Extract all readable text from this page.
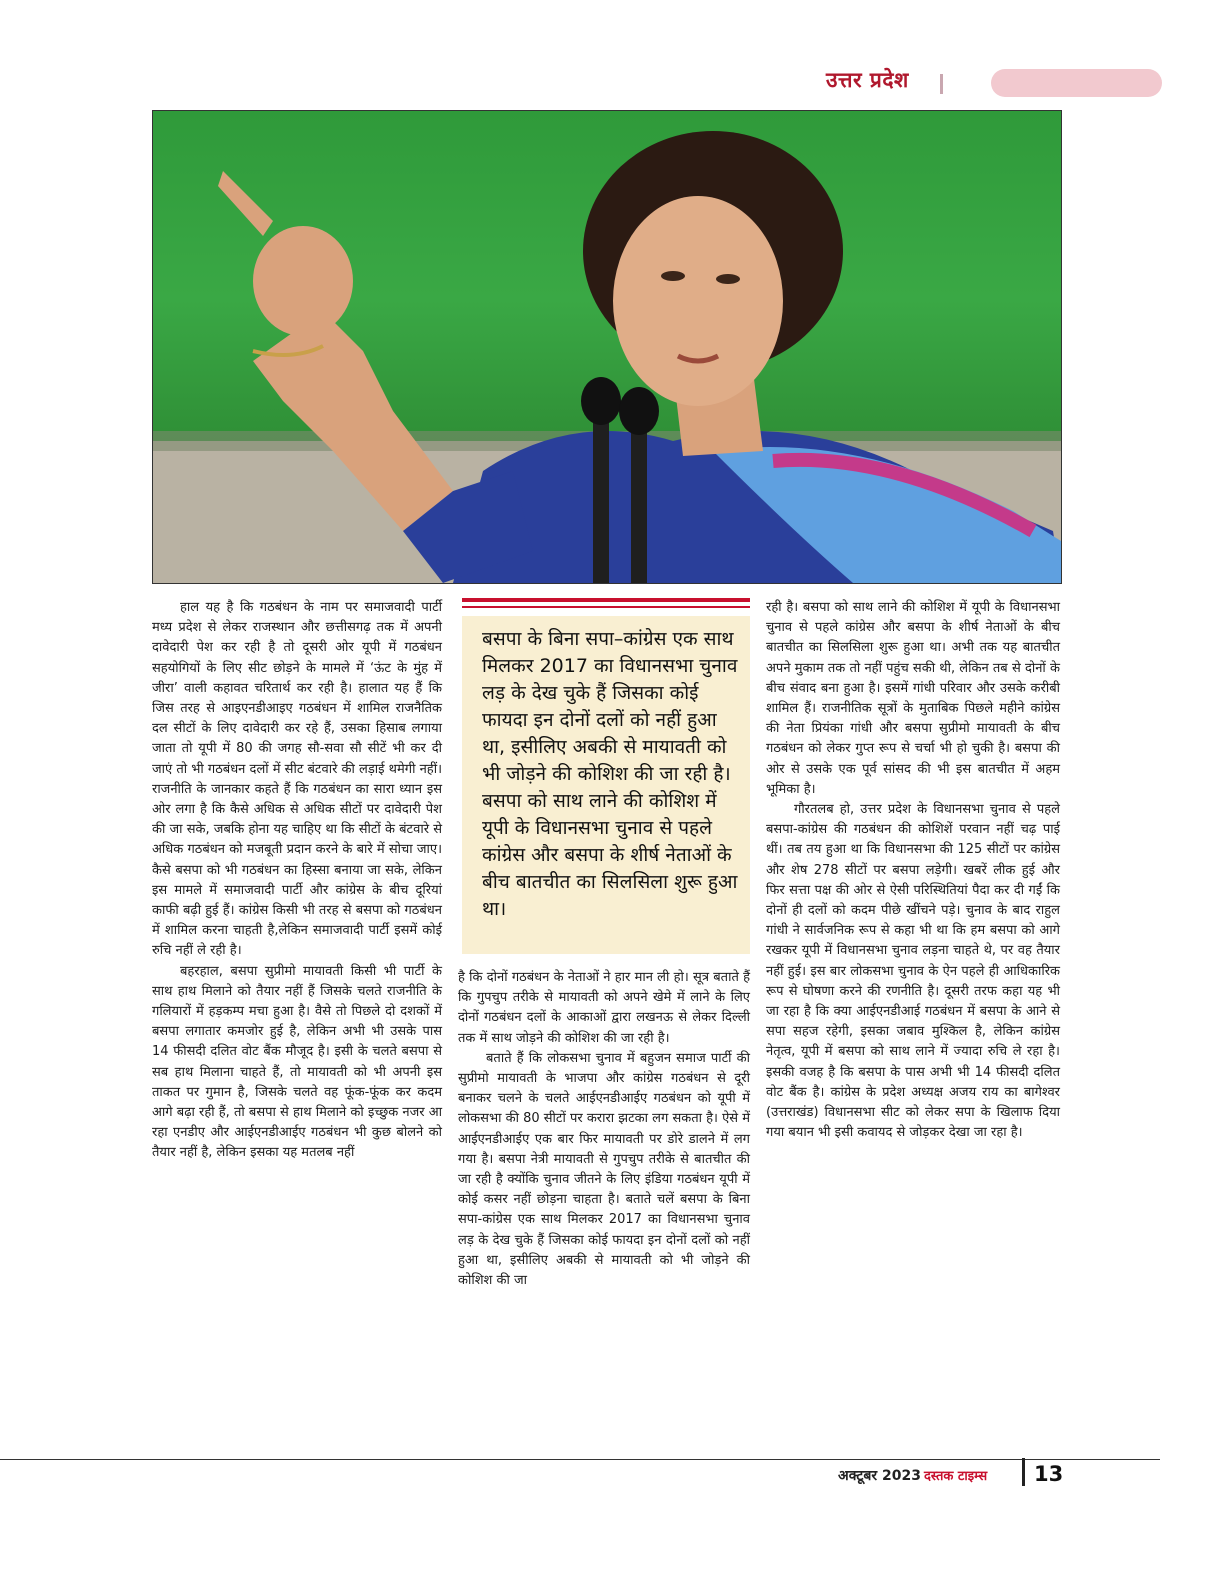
उत्तर प्रदेश

हाल यह है कि गठबंधन के नाम पर समाजवादी पार्टी मध्य प्रदेश से लेकर राजस्थान और छत्तीसगढ़ तक में अपनी दावेदारी पेश कर रही है तो दूसरी ओर यूपी में गठबंधन सहयोगियों के लिए सीट छोड़ने के मामले में ‘ऊंट के मुंह में जीरा’ वाली कहावत चरितार्थ कर रही है। हालात यह हैं कि जिस तरह से आइएनडीआइए गठबंधन में शामिल राजनैतिक दल सीटों के लिए दावेदारी कर रहे हैं, उसका हिसाब लगाया जाता तो यूपी में 80 की जगह सौ-सवा सौ सीटें भी कर दी जाएं तो भी गठबंधन दलों में सीट बंटवारे की लड़ाई थमेगी नहीं। राजनीति के जानकार कहते हैं कि गठबंधन का सारा ध्यान इस ओर लगा है कि कैसे अधिक से अधिक सीटों पर दावेदारी पेश की जा सके, जबकि होना यह चाहिए था कि सीटों के बंटवारे से अधिक गठबंधन को मजबूती प्रदान करने के बारे में सोचा जाए। कैसे बसपा को भी गठबंधन का हिस्सा बनाया जा सके, लेकिन इस मामले में समाजवादी पार्टी और कांग्रेस के बीच दूरियां काफी बढ़ी हुई हैं। कांग्रेस किसी भी तरह से बसपा को गठबंधन में शामिल करना चाहती है,लेकिन समाजवादी पार्टी इसमें कोई रुचि नहीं ले रही है।

बहरहाल, बसपा सुप्रीमो मायावती किसी भी पार्टी के साथ हाथ मिलाने को तैयार नहीं हैं जिसके चलते राजनीति के गलियारों में हड़कम्प मचा हुआ है। वैसे तो पिछले दो दशकों में बसपा लगातार कमजोर हुई है, लेकिन अभी भी उसके पास 14 फीसदी दलित वोट बैंक मौजूद है। इसी के चलते बसपा से सब हाथ मिलाना चाहते हैं, तो मायावती को भी अपनी इस ताकत पर गुमान है, जिसके चलते वह फूंक-फूंक कर कदम आगे बढ़ा रही हैं, तो बसपा से हाथ मिलाने को इच्छुक नजर आ रहा एनडीए और आईएनडीआईए गठबंधन भी कुछ बोलने को तैयार नहीं है, लेकिन इसका यह मतलब नहीं

बसपा के बिना सपा–कांग्रेस एक साथ मिलकर 2017 का विधानसभा चुनाव लड़ के देख चुके हैं जिसका कोई फायदा इन दोनों दलों को नहीं हुआ था, इसीलिए अबकी से मायावती को भी जोड़ने की कोशिश की जा रही है। बसपा को साथ लाने की कोशिश में यूपी के विधानसभा चुनाव से पहले कांग्रेस और बसपा के शीर्ष नेताओं के बीच बातचीत का सिलसिला शुरू हुआ था।

है कि दोनों गठबंधन के नेताओं ने हार मान ली हो। सूत्र बताते हैं कि गुपचुप तरीके से मायावती को अपने खेमे में लाने के लिए दोनों गठबंधन दलों के आकाओं द्वारा लखनऊ से लेकर दिल्ली तक में साथ जोड़ने की कोशिश की जा रही है।

बताते हैं कि लोकसभा चुनाव में बहुजन समाज पार्टी की सुप्रीमो मायावती के भाजपा और कांग्रेस गठबंधन से दूरी बनाकर चलने के चलते आईएनडीआईए गठबंधन को यूपी में लोकसभा की 80 सीटों पर करारा झटका लग सकता है। ऐसे में आईएनडीआईए एक बार फिर मायावती पर डोरे डालने में लग गया है। बसपा नेत्री मायावती से गुपचुप तरीके से बातचीत की जा रही है क्योंकि चुनाव जीतने के लिए इंडिया गठबंधन यूपी में कोई कसर नहीं छोड़ना चाहता है। बताते चलें बसपा के बिना सपा-कांग्रेस एक साथ मिलकर 2017 का विधानसभा चुनाव लड़ के देख चुके हैं जिसका कोई फायदा इन दोनों दलों को नहीं हुआ था, इसीलिए अबकी से मायावती को भी जोड़ने की कोशिश की जा

रही है। बसपा को साथ लाने की कोशिश में यूपी के विधानसभा चुनाव से पहले कांग्रेस और बसपा के शीर्ष नेताओं के बीच बातचीत का सिलसिला शुरू हुआ था। अभी तक यह बातचीत अपने मुकाम तक तो नहीं पहुंच सकी थी, लेकिन तब से दोनों के बीच संवाद बना हुआ है। इसमें गांधी परिवार और उसके करीबी शामिल हैं। राजनीतिक सूत्रों के मुताबिक पिछले महीने कांग्रेस की नेता प्रियंका गांधी और बसपा सुप्रीमो मायावती के बीच गठबंधन को लेकर गुप्त रूप से चर्चा भी हो चुकी है। बसपा की ओर से उसके एक पूर्व सांसद की भी इस बातचीत में अहम भूमिका है।

गौरतलब हो, उत्तर प्रदेश के विधानसभा चुनाव से पहले बसपा-कांग्रेस की गठबंधन की कोशिशें परवान नहीं चढ़ पाई थीं। तब तय हुआ था कि विधानसभा की 125 सीटों पर कांग्रेस और शेष 278 सीटों पर बसपा लड़ेगी। खबरें लीक हुई और फिर सत्ता पक्ष की ओर से ऐसी परिस्थितियां पैदा कर दी गईं कि दोनों ही दलों को कदम पीछे खींचने पड़े। चुनाव के बाद राहुल गांधी ने सार्वजनिक रूप से कहा भी था कि हम बसपा को आगे रखकर यूपी में विधानसभा चुनाव लड़ना चाहते थे, पर वह तैयार नहीं हुई। इस बार लोकसभा चुनाव के ऐन पहले ही आधिकारिक रूप से घोषणा करने की रणनीति है। दूसरी तरफ कहा यह भी जा रहा है कि क्या आईएनडीआई गठबंधन में बसपा के आने से सपा सहज रहेगी, इसका जबाव मुश्किल है, लेकिन कांग्रेस नेतृत्व, यूपी में बसपा को साथ लाने में ज्यादा रुचि ले रहा है। इसकी वजह है कि बसपा के पास अभी भी 14 फीसदी दलित वोट बैंक है। कांग्रेस के प्रदेश अध्यक्ष अजय राय का बागेश्वर (उत्तराखंड) विधानसभा सीट को लेकर सपा के खिलाफ दिया गया बयान भी इसी कवायद से जोड़कर देखा जा रहा है।

अक्टूबर 2023 दस्तक टाइम्स 13
